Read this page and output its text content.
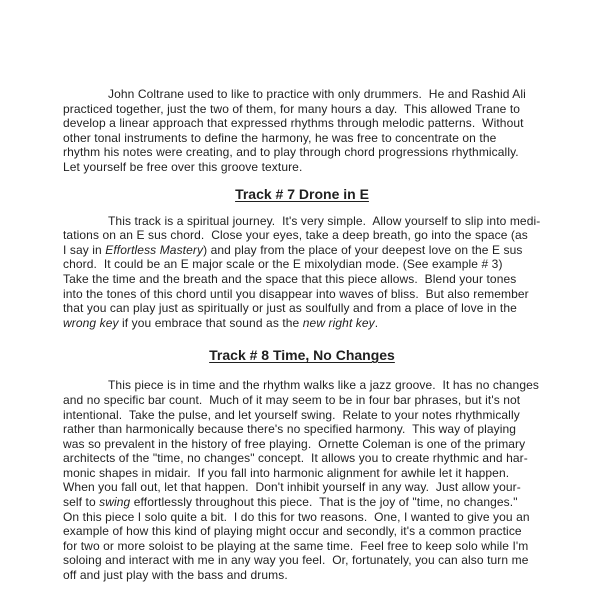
John Coltrane used to like to practice with only drummers.  He and Rashid Ali
practiced together, just the two of them, for many hours a day.  This allowed Trane to
develop a linear approach that expressed rhythms through melodic patterns.  Without
other tonal instruments to define the harmony, he was free to concentrate on the
rhythm his notes were creating, and to play through chord progressions rhythmically.
Let yourself be free over this groove texture.
Track # 7 Drone in E
This track is a spiritual journey.  It's very simple.  Allow yourself to slip into medi-
tations on an E sus chord.  Close your eyes, take a deep breath, go into the space (as
I say in Effortless Mastery) and play from the place of your deepest love on the E sus
chord.  It could be an E major scale or the E mixolydian mode. (See example # 3)
Take the time and the breath and the space that this piece allows.  Blend your tones
into the tones of this chord until you disappear into waves of bliss.  But also remember
that you can play just as spiritually or just as soulfully and from a place of love in the
wrong key if you embrace that sound as the new right key.
Track # 8 Time, No Changes
This piece is in time and the rhythm walks like a jazz groove.  It has no changes
and no specific bar count.  Much of it may seem to be in four bar phrases, but it's not
intentional.  Take the pulse, and let yourself swing.  Relate to your notes rhythmically
rather than harmonically because there's no specified harmony.  This way of playing
was so prevalent in the history of free playing.  Ornette Coleman is one of the primary
architects of the "time, no changes" concept.  It allows you to create rhythmic and har-
monic shapes in midair.  If you fall into harmonic alignment for awhile let it happen.
When you fall out, let that happen.  Don't inhibit yourself in any way.  Just allow your-
self to swing effortlessly throughout this piece.  That is the joy of "time, no changes."
On this piece I solo quite a bit.  I do this for two reasons.  One, I wanted to give you an
example of how this kind of playing might occur and secondly, it's a common practice
for two or more soloist to be playing at the same time.  Feel free to keep solo while I'm
soloing and interact with me in any way you feel.  Or, fortunately, you can also turn me
off and just play with the bass and drums.
